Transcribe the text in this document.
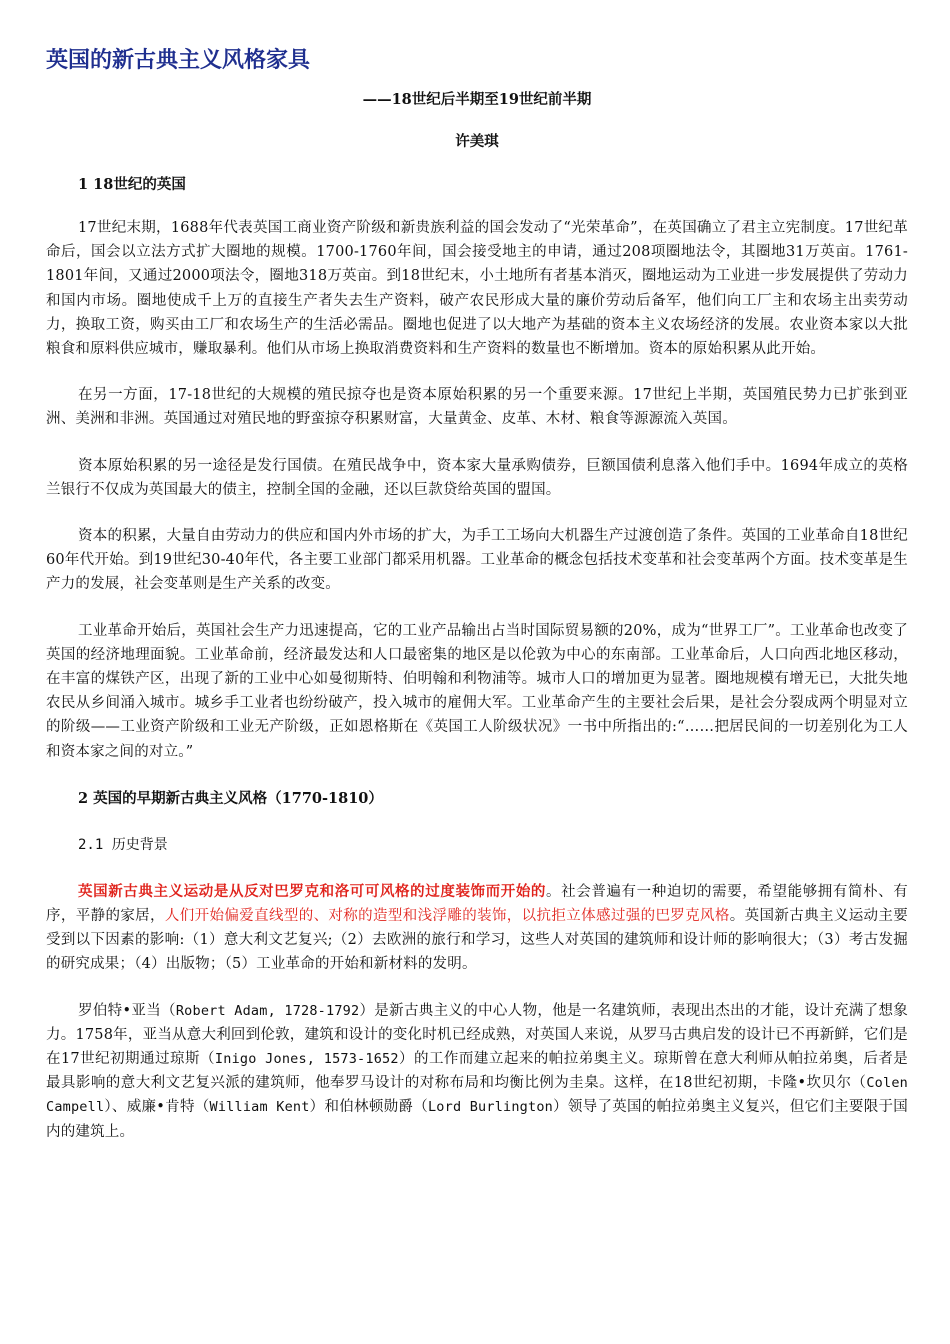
英国的新古典主义风格家具
——18世纪后半期至19世纪前半期
许美琪

1 18世纪的英国

17世纪末期，1688年代表英国工商业资产阶级和新贵族利益的国会发动了“光荣革命”，在英国确立了君主立宪制度。17世纪革命后，国会以立法方式扩大圈地的规模。1700-1760年间，国会接受地主的申请，通过208项圈地法令，其圈地31万英亩。1761-1801年间，又通过2000项法令，圈地318万英亩。到18世纪末，小土地所有者基本消灭，圈地运动为工业进一步发展提供了劳动力和国内市场。圈地使成千上万的直接生产者失去生产资料，破产农民形成大量的廉价劳动后备军，他们向工厂主和农场主出卖劳动力，换取工资，购买由工厂和农场生产的生活必需品。圈地也促进了以大地产为基础的资本主义农场经济的发展。农业资本家以大批粮食和原料供应城市，赚取暴利。他们从市场上换取消费资料和生产资料的数量也不断增加。资本的原始积累从此开始。

在另一方面，17-18世纪的大规模的殖民掠夺也是资本原始积累的另一个重要来源。17世纪上半期，英国殖民势力已扩张到亚洲、美洲和非洲。英国通过对殖民地的野蛮掠夺积累财富，大量黄金、皮革、木材、粮食等源源流入英国。

资本原始积累的另一途径是发行国债。在殖民战争中，资本家大量承购债券，巨额国债利息落入他们手中。1694年成立的英格兰银行不仅成为英国最大的债主，控制全国的金融，还以巨款贷给英国的盟国。

资本的积累，大量自由劳动力的供应和国内外市场的扩大，为手工工场向大机器生产过渡创造了条件。英国的工业革命自18世纪60年代开始。到19世纪30-40年代，各主要工业部门都采用机器。工业革命的概念包括技术变革和社会变革两个方面。技术变革是生产力的发展，社会变革则是生产关系的改变。

工业革命开始后，英国社会生产力迅速提高，它的工业产品输出占当时国际贸易额的20%，成为“世界工厂”。工业革命也改变了英国的经济地理面貌。工业革命前，经济最发达和人口最密集的地区是以伦敦为中心的东南部。工业革命后，人口向西北地区移动，在丰富的煤铁产区，出现了新的工业中心如曼彻斯特、伯明翰和利物浦等。城市人口的增加更为显著。圈地规模有增无已，大批失地农民从乡间涌入城市。城乡手工业者也纷纷破产，投入城市的雇佣大军。工业革命产生的主要社会后果，是社会分裂成两个明显对立的阶级——工业资产阶级和工业无产阶级，正如恩格斯在《英国工人阶级状况》一书中所指出的:“……把居民间的一切差别化为工人和资本家之间的对立。”

2 英国的早期新古典主义风格（1770-1810）

2.1 历史背景

英国新古典主义运动是从反对巴罗克和洛可可风格的过度装饰而开始的。社会普遍有一种迫切的需要，希望能够拥有简朴、有序，平静的家居，人们开始偏爱直线型的、对称的造型和浅浮雕的装饰，以抗拒立体感过强的巴罗克风格。英国新古典主义运动主要受到以下因素的影响:（1）意大利文艺复兴;（2）去欧洲的旅行和学习，这些人对英国的建筑师和设计师的影响很大；（3）考古发掘的研究成果；（4）出版物；（5）工业革命的开始和新材料的发明。

罗伯特•亚当（Robert Adam, 1728-1792）是新古典主义的中心人物，他是一名建筑师，表现出杰出的才能，设计充满了想象力。1758年，亚当从意大利回到伦敦，建筑和设计的变化时机已经成熟，对英国人来说，从罗马古典启发的设计已不再新鲜，它们是在17世纪初期通过琼斯（Inigo Jones, 1573-1652）的工作而建立起来的帕拉弟奥主义。琼斯曾在意大利师从帕拉弟奥，后者是最具影响的意大利文艺复兴派的建筑师，他奉罗马设计的对称布局和均衡比例为圭臬。这样，在18世纪初期，卡隆•坎贝尔（Colen Campell）、威廉•肯特（William Kent）和伯林顿勋爵（Lord Burlington）领导了英国的帕拉弟奥主义复兴，但它们主要限于国内的建筑上。
